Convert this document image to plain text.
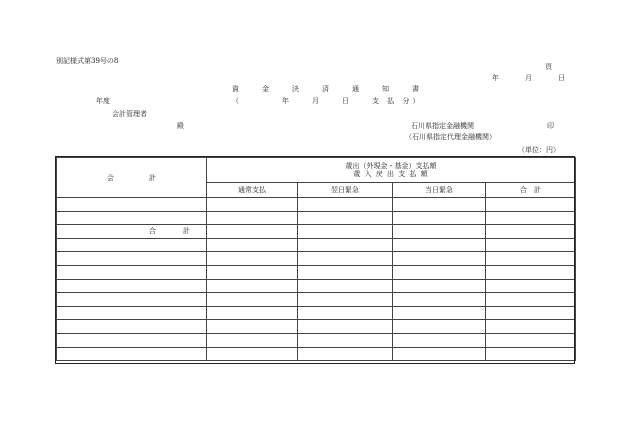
別記様式第39号の8
頁
年　　月　　日
資　金　決　済　通　知　書
（　　　　年　　月　　日　　支 払 分）
年度
会計管理者
殿	石川県指定金融機関	印
（石川県指定代理金融機関）
（単位：円）
会　　　　　計	歳出（外現金・基金）支払額
歳 入 戻 出 支 払 額			

	通常支払	翌日緊急	当日緊急	合　計

合　計				
